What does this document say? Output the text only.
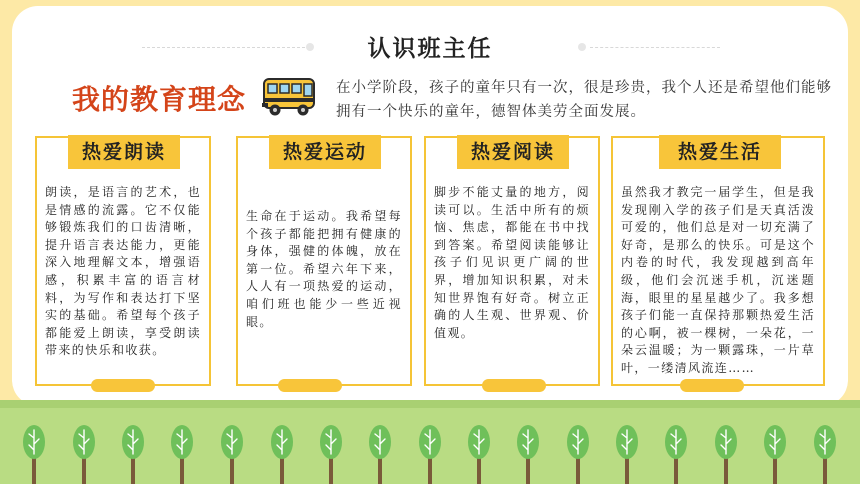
认识班主任
我的教育理念	在小学阶段，孩子的童年只有一次，很是珍贵，我个人还是希望他们能够拥有一个快乐的童年，德智体美劳全面发展。
热爱朗读
朗读，是语言的艺术，也是情感的流露。它不仅能够锻炼我们的口齿清晰，提升语言表达能力，更能深入地理解文本，增强语感，积累丰富的语言材料，为写作和表达打下坚实的基础。希望每个孩子都能爱上朗读，享受朗读带来的快乐和收获。
热爱运动
生命在于运动。我希望每个孩子都能把拥有健康的身体，强健的体魄，放在第一位。希望六年下来，人人有一项热爱的运动，咱们班也能少一些近视眼。
热爱阅读
脚步不能丈量的地方，阅读可以。生活中所有的烦恼、焦虑，都能在书中找到答案。希望阅读能够让孩子们见识更广阔的世界，增加知识积累，对未知世界饱有好奇。树立正确的人生观、世界观、价值观。
热爱生活
虽然我才教完一届学生，但是我发现刚入学的孩子们是天真活泼可爱的，他们总是对一切充满了好奇，是那么的快乐。可是这个内卷的时代，我发现越到高年级，他们会沉迷手机，沉迷题海，眼里的星星越少了。我多想孩子们能一直保持那颗热爱生活的心啊，被一棵树，一朵花，一朵云温暖；为一颗露珠，一片草叶，一缕清风流连……
